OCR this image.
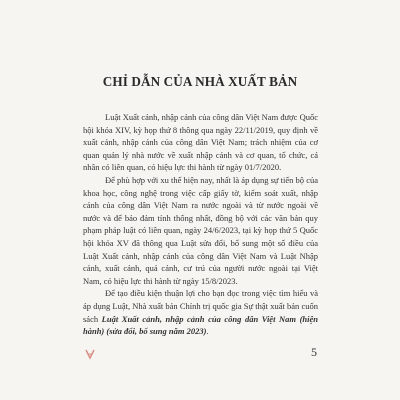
CHỈ DẪN CỦA NHÀ XUẤT BẢN

Luật Xuất cảnh, nhập cảnh của công dân Việt Nam được Quốc hội khóa XIV, kỳ họp thứ 8 thông qua ngày 22/11/2019, quy định về xuất cảnh, nhập cảnh của công dân Việt Nam; trách nhiệm của cơ quan quản lý nhà nước về xuất nhập cảnh và cơ quan, tổ chức, cá nhân có liên quan, có hiệu lực thi hành từ ngày 01/7/2020.

Để phù hợp với xu thế hiện nay, nhất là áp dụng sự tiến bộ của khoa học, công nghệ trong việc cấp giấy tờ, kiểm soát xuất, nhập cảnh của công dân Việt Nam ra nước ngoài và từ nước ngoài về nước và để bảo đảm tính thống nhất, đồng bộ với các văn bản quy phạm pháp luật có liên quan, ngày 24/6/2023, tại kỳ họp thứ 5 Quốc hội khóa XV đã thông qua Luật sửa đổi, bổ sung một số điều của Luật Xuất cảnh, nhập cảnh của công dân Việt Nam và Luật Nhập cảnh, xuất cảnh, quá cảnh, cư trú của người nước ngoài tại Việt Nam, có hiệu lực thi hành từ ngày 15/8/2023.

Để tạo điều kiện thuận lợi cho bạn đọc trong việc tìm hiểu và áp dụng Luật, Nhà xuất bản Chính trị quốc gia Sự thật xuất bản cuốn sách Luật Xuất cảnh, nhập cảnh của công dân Việt Nam (hiện hành) (sửa đổi, bổ sung năm 2023).

5
